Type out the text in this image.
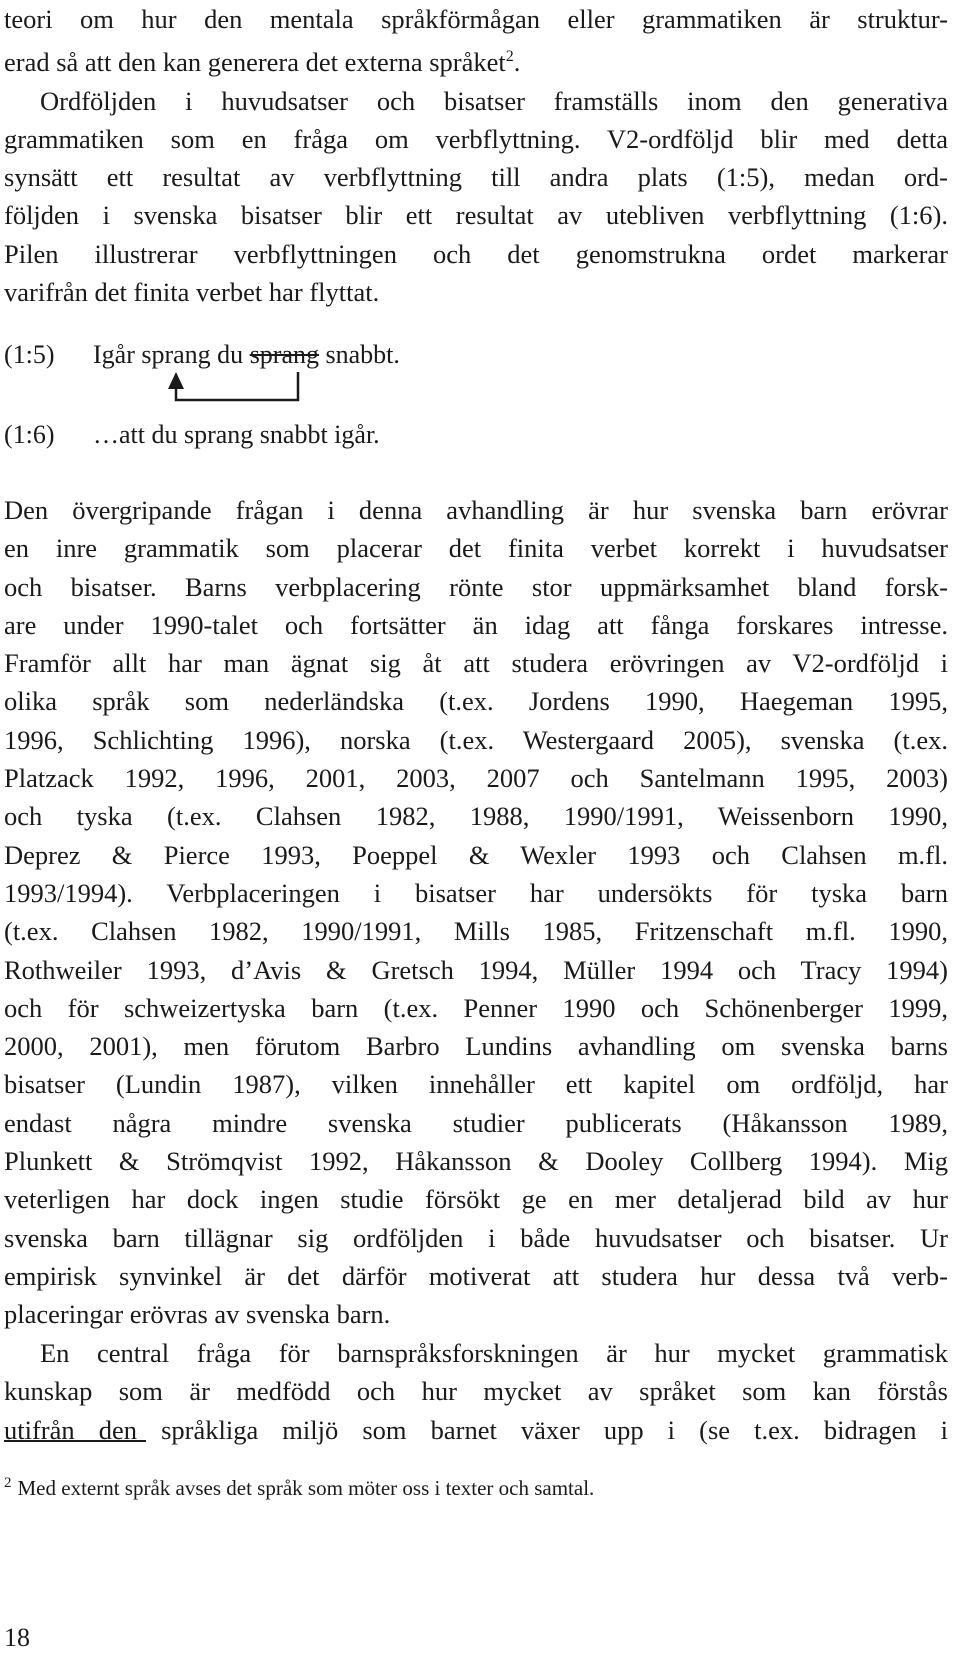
teori om hur den mentala språkförmågan eller grammatiken är struktur-
erad så att den kan generera det externa språket$^2$.
Ordföljden i huvudsatser och bisatser framställs inom den generativa
grammatiken som en fråga om verbflyttning. V2-ordföljd blir med detta
synsätt ett resultat av verbflyttning till andra plats (1:5), medan ord-
följden i svenska bisatser blir ett resultat av utebliven verbflyttning (1:6).
Pilen illustrerar verbflyttningen och det genomstrukna ordet markerar
varifrån det finita verbet har flyttat.
(1:5) Igår sprang du sprang snabbt.
(1:6) …att du sprang snabbt igår.
Den övergripande frågan i denna avhandling är hur svenska barn erövrar
en inre grammatik som placerar det finita verbet korrekt i huvudsatser
och bisatser. Barns verbplacering rönte stor uppmärksamhet bland forsk-
are under 1990-talet och fortsätter än idag att fånga forskares intresse.
Framför allt har man ägnat sig åt att studera erövringen av V2-ordföljd i
olika språk som nederländska (t.ex. Jordens 1990, Haegeman 1995,
1996, Schlichting 1996), norska (t.ex. Westergaard 2005), svenska (t.ex.
Platzack 1992, 1996, 2001, 2003, 2007 och Santelmann 1995, 2003)
och tyska (t.ex. Clahsen 1982, 1988, 1990/1991, Weissenborn 1990,
Deprez & Pierce 1993, Poeppel & Wexler 1993 och Clahsen m.fl.
1993/1994). Verbplaceringen i bisatser har undersökts för tyska barn
(t.ex. Clahsen 1982, 1990/1991, Mills 1985, Fritzenschaft m.fl. 1990,
Rothweiler 1993, d’Avis & Gretsch 1994, Müller 1994 och Tracy 1994)
och för schweizertyska barn (t.ex. Penner 1990 och Schönenberger 1999,
2000, 2001), men förutom Barbro Lundins avhandling om svenska barns
bisatser (Lundin 1987), vilken innehåller ett kapitel om ordföljd, har
endast några mindre svenska studier publicerats (Håkansson 1989,
Plunkett & Strömqvist 1992, Håkansson & Dooley Collberg 1994). Mig
veterligen har dock ingen studie försökt ge en mer detaljerad bild av hur
svenska barn tillägnar sig ordföljden i både huvudsatser och bisatser. Ur
empirisk synvinkel är det därför motiverat att studera hur dessa två verb-
placeringar erövras av svenska barn.
En central fråga för barnspråksforskningen är hur mycket grammatisk
kunskap som är medfödd och hur mycket av språket som kan förstås
utifrån den språkliga miljö som barnet växer upp i (se t.ex. bidragen i
$^2$ Med externt språk avses det språk som möter oss i texter och samtal.
18
